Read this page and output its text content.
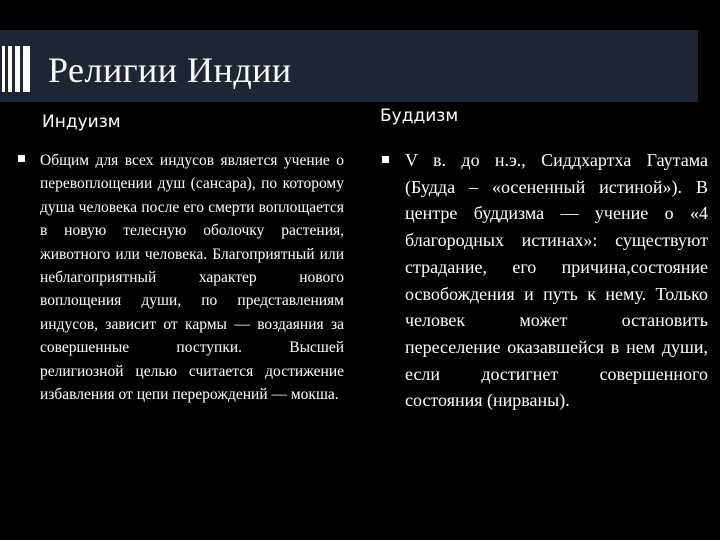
Религии Индии
Индуизм	Буддизм
Общим для всех индусов является учение о перевоплощении душ (сансара), по которому душа человека после его смерти воплощается в новую телесную оболочку растения, животного или человека. Благоприятный или неблагоприятный характер нового воплощения души, по представлениям индусов, зависит от кармы — воздаяния за совершенные поступки. Высшей религиозной целью считается достижение избавления от цепи перерождений — мокша.
V в. до н.э., Сиддхартха Гаутама (Будда – «осененный истиной»). В центре буддизма — учение о «4 благородных истинах»: существуют страдание, его причина,состояние освобождения и путь к нему. Только человек может остановить переселение оказавшейся в нем души, если достигнет совершенного состояния (нирваны).
